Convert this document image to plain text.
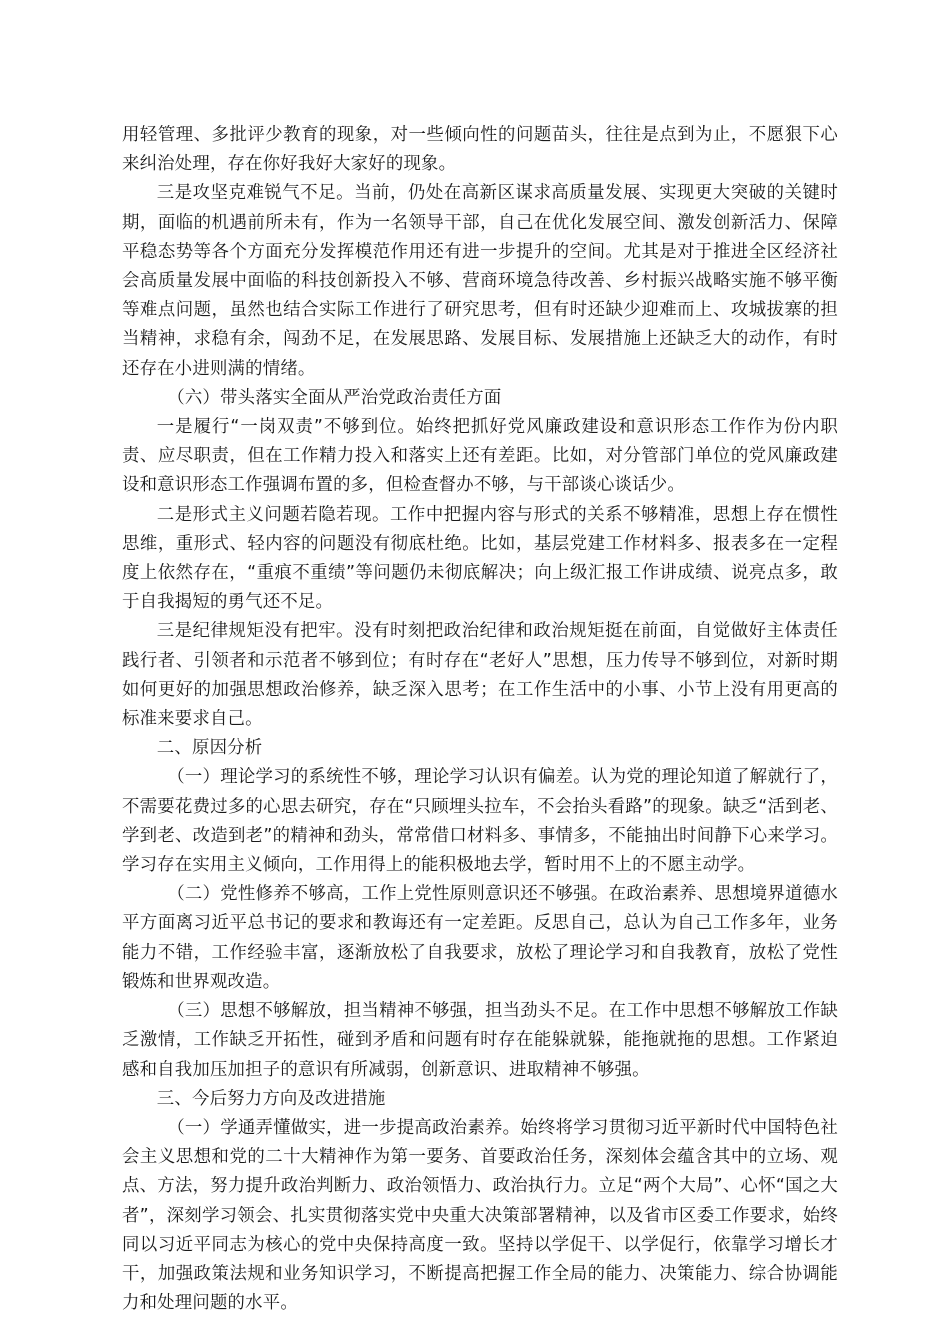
用轻管理、多批评少教育的现象，对一些倾向性的问题苗头，往往是点到为止，不愿狠下心来纠治处理，存在你好我好大家好的现象。

三是攻坚克难锐气不足。当前，仍处在高新区谋求高质量发展、实现更大突破的关键时期，面临的机遇前所未有，作为一名领导干部，自己在优化发展空间、激发创新活力、保障平稳态势等各个方面充分发挥模范作用还有进一步提升的空间。尤其是对于推进全区经济社会高质量发展中面临的科技创新投入不够、营商环境急待改善、乡村振兴战略实施不够平衡等难点问题，虽然也结合实际工作进行了研究思考，但有时还缺少迎难而上、攻城拔寨的担当精神，求稳有余，闯劲不足，在发展思路、发展目标、发展措施上还缺乏大的动作，有时还存在小进则满的情绪。

（六）带头落实全面从严治党政治责任方面

一是履行“一岗双责”不够到位。始终把抓好党风廉政建设和意识形态工作作为份内职责、应尽职责，但在工作精力投入和落实上还有差距。比如，对分管部门单位的党风廉政建设和意识形态工作强调布置的多，但检查督办不够，与干部谈心谈话少。

二是形式主义问题若隐若现。工作中把握内容与形式的关系不够精准，思想上存在惯性思维，重形式、轻内容的问题没有彻底杜绝。比如，基层党建工作材料多、报表多在一定程度上依然存在，“重痕不重绩”等问题仍未彻底解决；向上级汇报工作讲成绩、说亮点多，敢于自我揭短的勇气还不足。

三是纪律规矩没有把牢。没有时刻把政治纪律和政治规矩挺在前面，自觉做好主体责任践行者、引领者和示范者不够到位；有时存在“老好人”思想，压力传导不够到位，对新时期如何更好的加强思想政治修养，缺乏深入思考；在工作生活中的小事、小节上没有用更高的标准来要求自己。

二、原因分析

（一）理论学习的系统性不够，理论学习认识有偏差。认为党的理论知道了解就行了，不需要花费过多的心思去研究，存在“只顾埋头拉车，不会抬头看路”的现象。缺乏“活到老、学到老、改造到老”的精神和劲头，常常借口材料多、事情多，不能抽出时间静下心来学习。学习存在实用主义倾向，工作用得上的能积极地去学，暂时用不上的不愿主动学。

（二）党性修养不够高，工作上党性原则意识还不够强。在政治素养、思想境界道德水平方面离习近平总书记的要求和教诲还有一定差距。反思自己，总认为自己工作多年，业务能力不错，工作经验丰富，逐渐放松了自我要求，放松了理论学习和自我教育，放松了党性锻炼和世界观改造。

（三）思想不够解放，担当精神不够强，担当劲头不足。在工作中思想不够解放工作缺乏激情，工作缺乏开拓性，碰到矛盾和问题有时存在能躲就躲，能拖就拖的思想。工作紧迫感和自我加压加担子的意识有所减弱，创新意识、进取精神不够强。

三、今后努力方向及改进措施

（一）学通弄懂做实，进一步提高政治素养。始终将学习贯彻习近平新时代中国特色社会主义思想和党的二十大精神作为第一要务、首要政治任务，深刻体会蕴含其中的立场、观点、方法，努力提升政治判断力、政治领悟力、政治执行力。立足“两个大局”、心怀“国之大者”，深刻学习领会、扎实贯彻落实党中央重大决策部署精神，以及省市区委工作要求，始终同以习近平同志为核心的党中央保持高度一致。坚持以学促干、以学促行，依靠学习增长才干，加强政策法规和业务知识学习，不断提高把握工作全局的能力、决策能力、综合协调能力和处理问题的水平。
